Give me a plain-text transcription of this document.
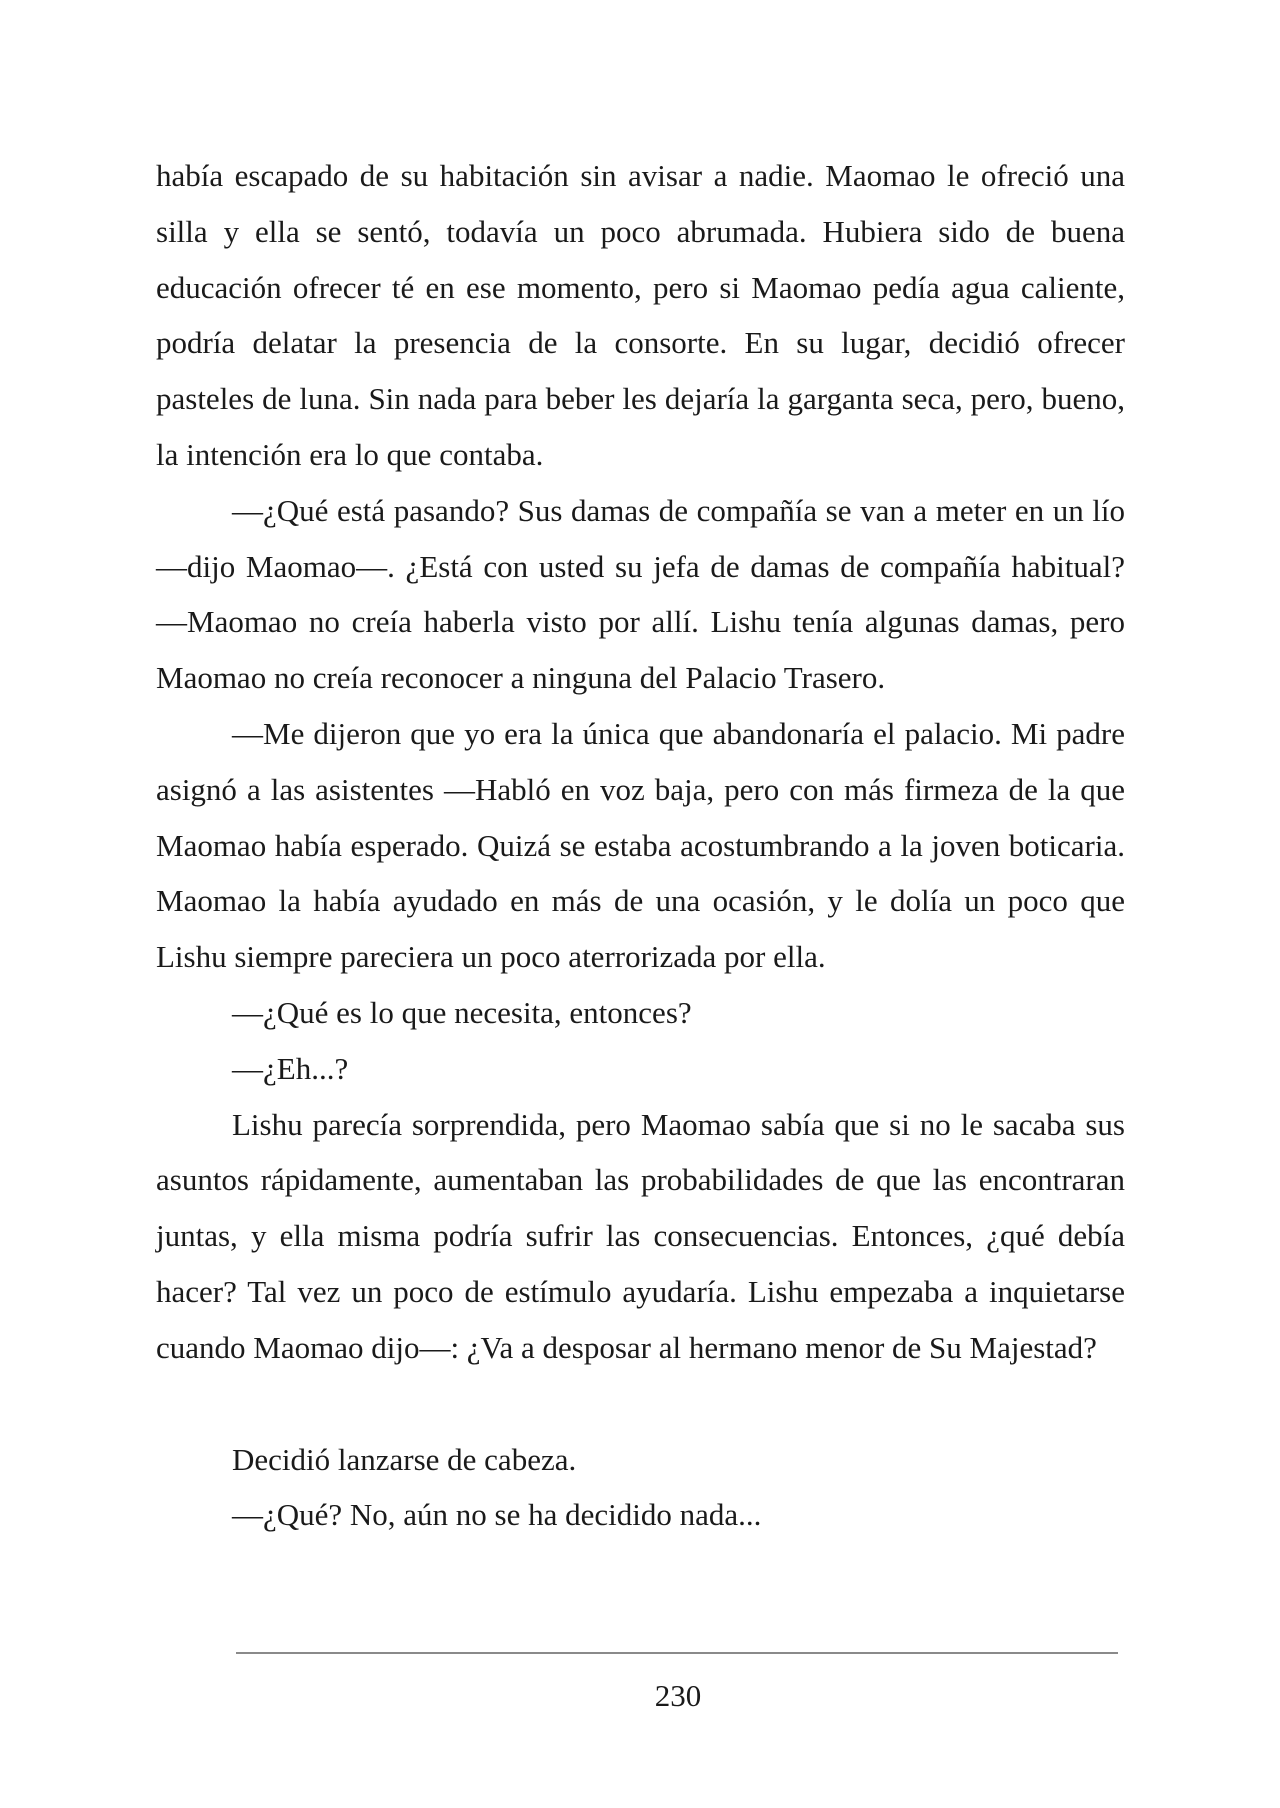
había escapado de su habitación sin avisar a nadie. Maomao le ofreció una silla y ella se sentó, todavía un poco abrumada. Hubiera sido de buena educación ofrecer té en ese momento, pero si Maomao pedía agua caliente, podría delatar la presencia de la consorte. En su lugar, decidió ofrecer pasteles de luna. Sin nada para beber les dejaría la garganta seca, pero, bueno, la intención era lo que contaba.

—¿Qué está pasando? Sus damas de compañía se van a meter en un lío —dijo Maomao—. ¿Está con usted su jefa de damas de compañía habitual? —Maomao no creía haberla visto por allí. Lishu tenía algunas damas, pero Maomao no creía reconocer a ninguna del Palacio Trasero.

—Me dijeron que yo era la única que abandonaría el palacio. Mi padre asignó a las asistentes —Habló en voz baja, pero con más firmeza de la que Maomao había esperado. Quizá se estaba acostumbrando a la joven boticaria. Maomao la había ayudado en más de una ocasión, y le dolía un poco que Lishu siempre pareciera un poco aterrorizada por ella.

—¿Qué es lo que necesita, entonces?

—¿Eh...?

Lishu parecía sorprendida, pero Maomao sabía que si no le sacaba sus asuntos rápidamente, aumentaban las probabilidades de que las encontraran juntas, y ella misma podría sufrir las consecuencias. Entonces, ¿qué debía hacer? Tal vez un poco de estímulo ayudaría. Lishu empezaba a inquietarse cuando Maomao dijo—: ¿Va a desposar al hermano menor de Su Majestad?

Decidió lanzarse de cabeza.

—¿Qué? No, aún no se ha decidido nada...

230
